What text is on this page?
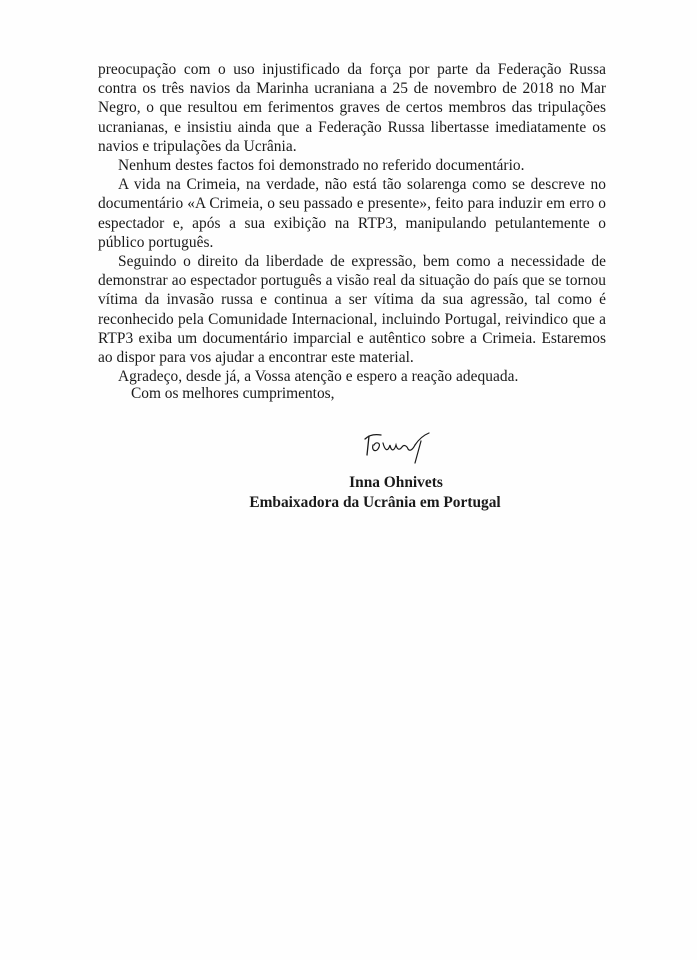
preocupação com o uso injustificado da força por parte da Federação Russa contra os três navios da Marinha ucraniana a 25 de novembro de 2018 no Mar Negro, o que resultou em ferimentos graves de certos membros das tripulações ucranianas, e insistiu ainda que a Federação Russa libertasse imediatamente os navios e tripulações da Ucrânia.

Nenhum destes factos foi demonstrado no referido documentário.

A vida na Crimeia, na verdade, não está tão solarenga como se descreve no documentário «A Crimeia, o seu passado e presente», feito para induzir em erro o espectador e, após a sua exibição na RTP3, manipulando petulantemente o público português.

Seguindo o direito da liberdade de expressão, bem como a necessidade de demonstrar ao espectador português a visão real da situação do país que se tornou vítima da invasão russa e continua a ser vítima da sua agressão, tal como é reconhecido pela Comunidade Internacional, incluindo Portugal, reivindico que a RTP3 exiba um documentário imparcial e autêntico sobre a Crimeia. Estaremos ao dispor para vos ajudar a encontrar este material.

Agradeço, desde já, a Vossa atenção e espero a reação adequada.

Com os melhores cumprimentos,
Inna Ohnivets
Embaixadora da Ucrânia em Portugal
